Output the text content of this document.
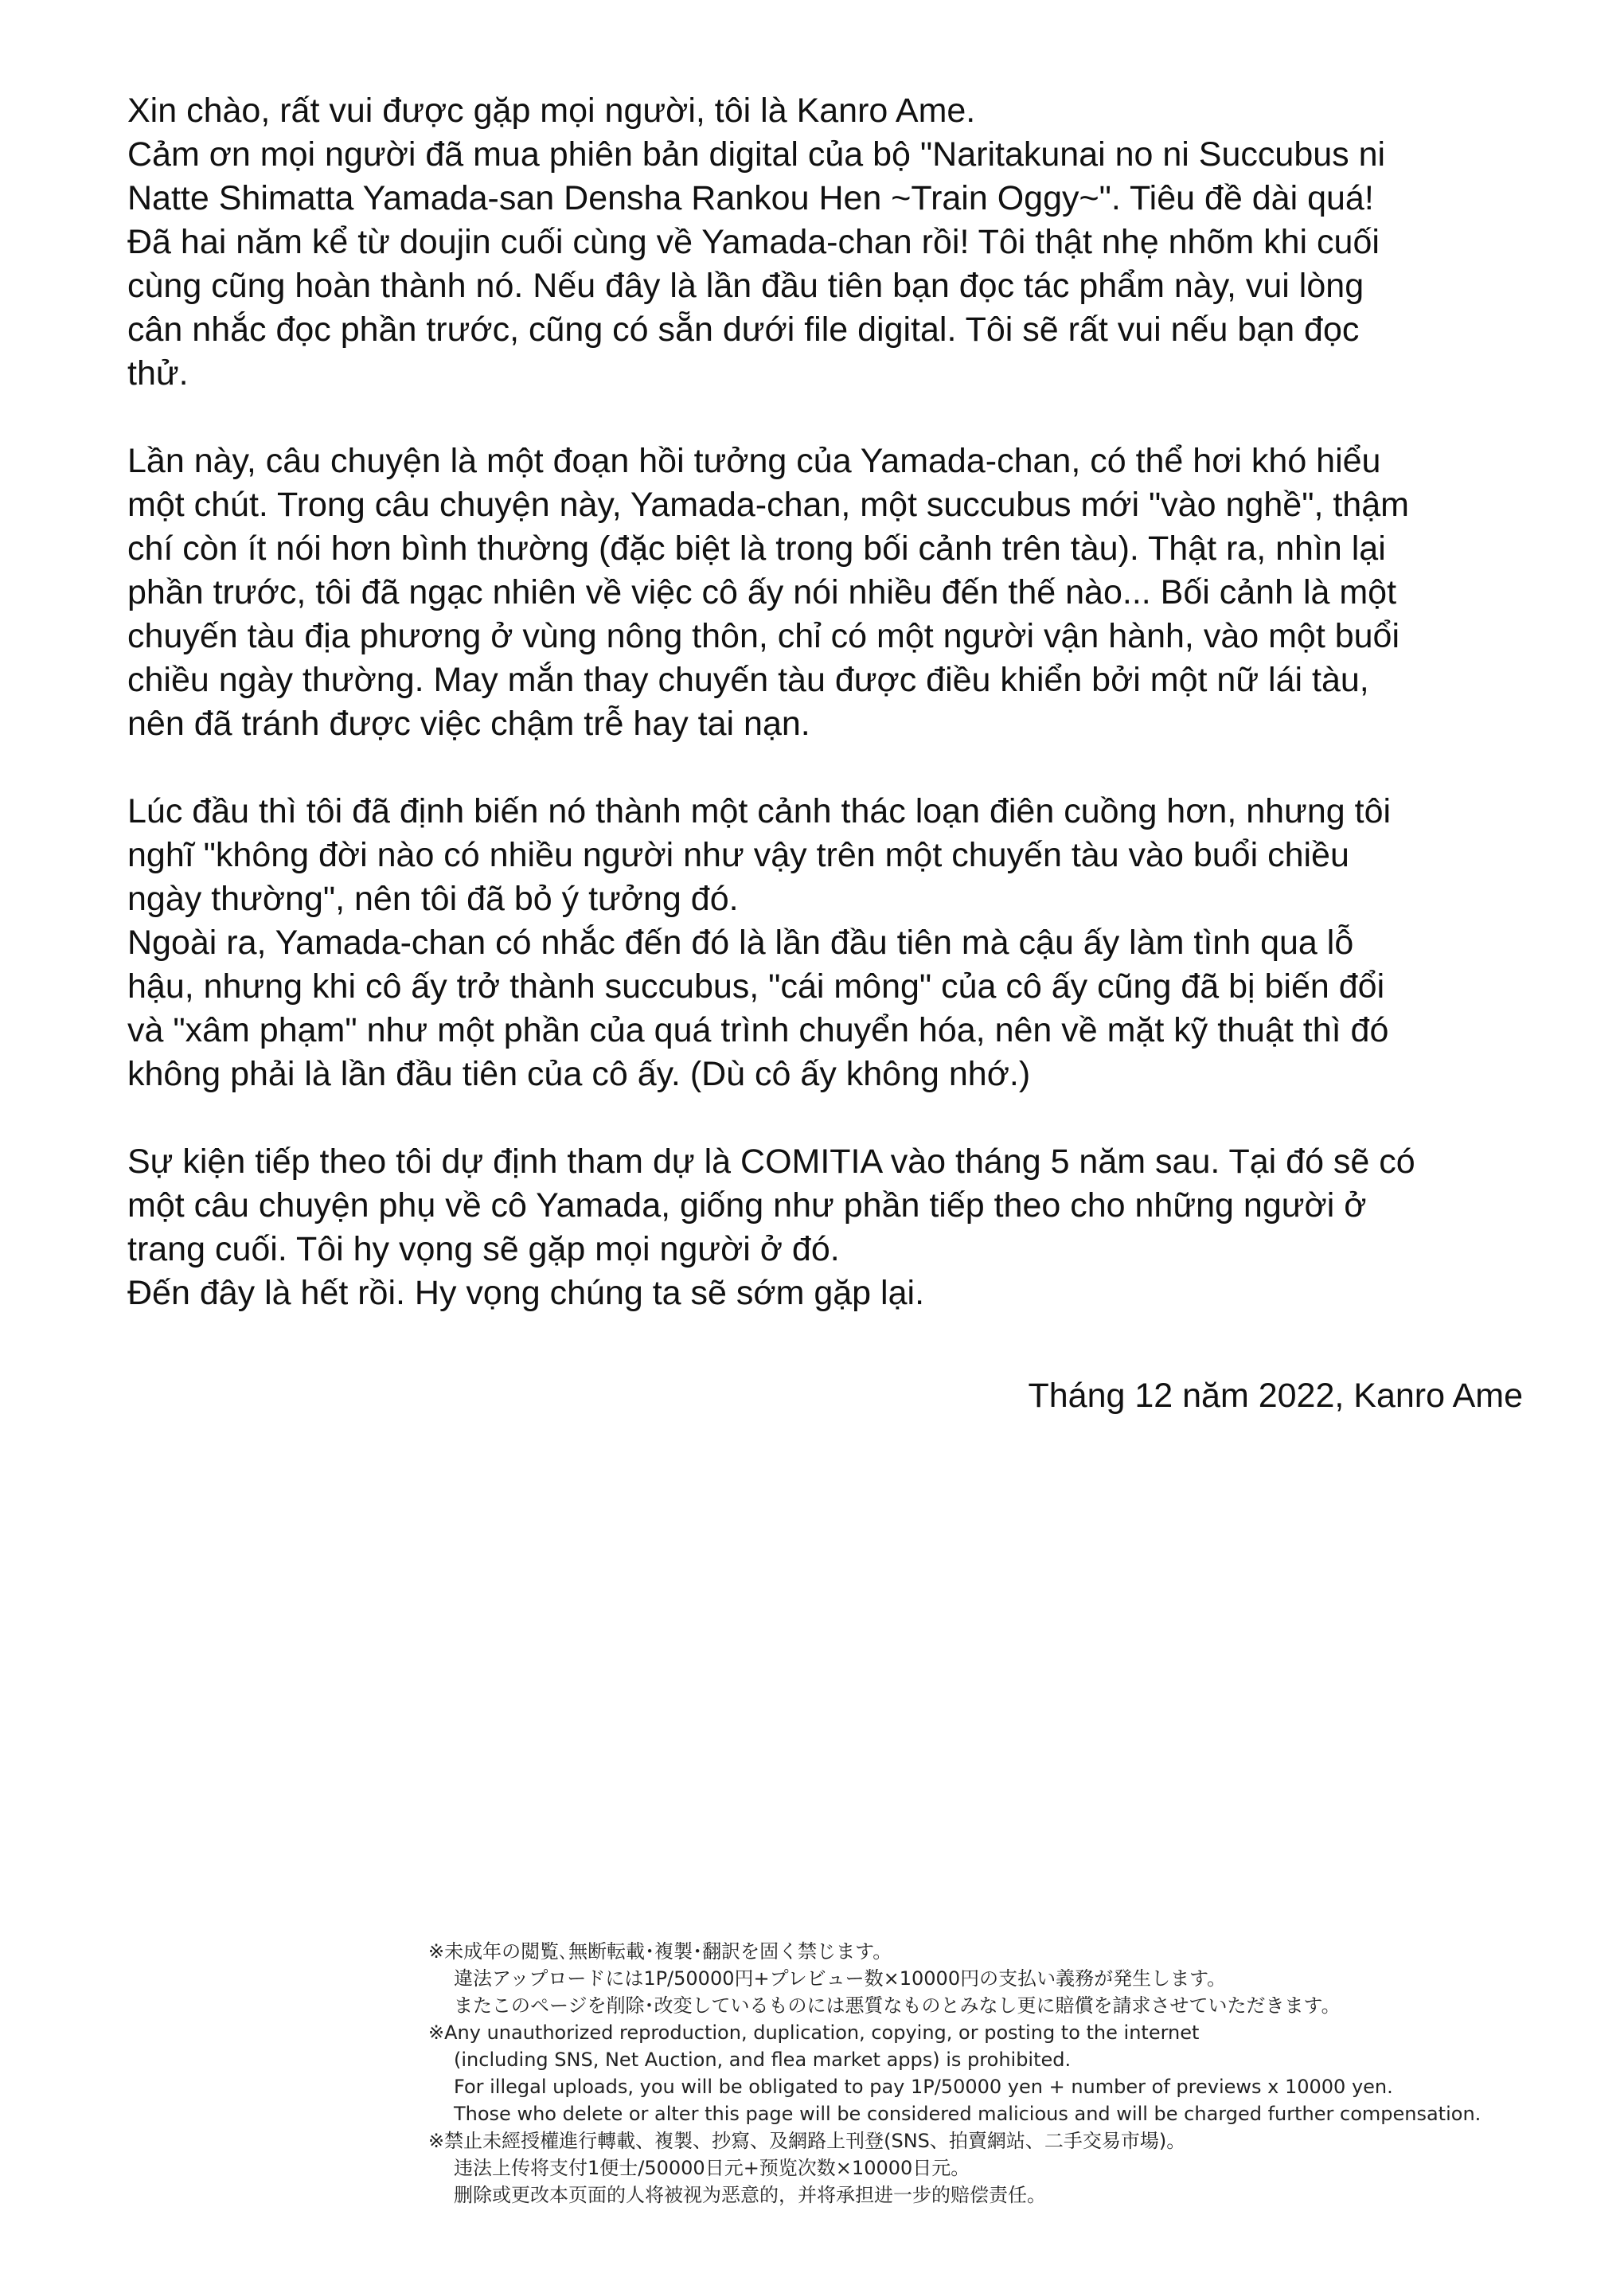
Xin chào, rất vui được gặp mọi người, tôi là Kanro Ame.
Cảm ơn mọi người đã mua phiên bản digital của bộ "Naritakunai no ni Succubus ni
Natte Shimatta Yamada-san Densha Rankou Hen ~Train Oggy~". Tiêu đề dài quá!
Đã hai năm kể từ doujin cuối cùng về Yamada-chan rồi! Tôi thật nhẹ nhõm khi cuối
cùng cũng hoàn thành nó. Nếu đây là lần đầu tiên bạn đọc tác phẩm này, vui lòng
cân nhắc đọc phần trước, cũng có sẵn dưới file digital. Tôi sẽ rất vui nếu bạn đọc
thử.
Lần này, câu chuyện là một đoạn hồi tưởng của Yamada-chan, có thể hơi khó hiểu
một chút. Trong câu chuyện này, Yamada-chan, một succubus mới "vào nghề", thậm
chí còn ít nói hơn bình thường (đặc biệt là trong bối cảnh trên tàu). Thật ra, nhìn lại
phần trước, tôi đã ngạc nhiên về việc cô ấy nói nhiều đến thế nào... Bối cảnh là một
chuyến tàu địa phương ở vùng nông thôn, chỉ có một người vận hành, vào một buổi
chiều ngày thường. May mắn thay chuyến tàu được điều khiển bởi một nữ lái tàu,
nên đã tránh được việc chậm trễ hay tai nạn.
Lúc đầu thì tôi đã định biến nó thành một cảnh thác loạn điên cuồng hơn, nhưng tôi
nghĩ "không đời nào có nhiều người như vậy trên một chuyến tàu vào buổi chiều
ngày thường", nên tôi đã bỏ ý tưởng đó.
Ngoài ra, Yamada-chan có nhắc đến đó là lần đầu tiên mà cậu ấy làm tình qua lỗ
hậu, nhưng khi cô ấy trở thành succubus, "cái mông" của cô ấy cũng đã bị biến đổi
và "xâm phạm" như một phần của quá trình chuyển hóa, nên về mặt kỹ thuật thì đó
không phải là lần đầu tiên của cô ấy. (Dù cô ấy không nhớ.)
Sự kiện tiếp theo tôi dự định tham dự là COMITIA vào tháng 5 năm sau. Tại đó sẽ có
một câu chuyện phụ về cô Yamada, giống như phần tiếp theo cho những người ở
trang cuối. Tôi hy vọng sẽ gặp mọi người ở đó.
Đến đây là hết rồi. Hy vọng chúng ta sẽ sớm gặp lại.
Tháng 12 năm 2022, Kanro Ame
※未成年の閲覧､無断転載･複製･翻訳を固く禁じます。
違法アップロードには1P/50000円+プレビュー数×10000円の支払い義務が発生します。
またこのページを削除･改変しているものには悪質なものとみなし更に賠償を請求させていただきます。
※Any unauthorized reproduction, duplication, copying, or posting to the internet
(including SNS, Net Auction, and flea market apps) is prohibited.
For illegal uploads, you will be obligated to pay 1P/50000 yen + number of previews x 10000 yen.
Those who delete or alter this page will be considered malicious and will be charged further compensation.
※禁止未經授權進行轉載、複製、抄寫、及網路上刊登(SNS、拍賣網站、二手交易市場)。
违法上传将支付1便士/50000日元+预览次数×10000日元。
删除或更改本页面的人将被视为恶意的，并将承担进一步的赔偿责任。
